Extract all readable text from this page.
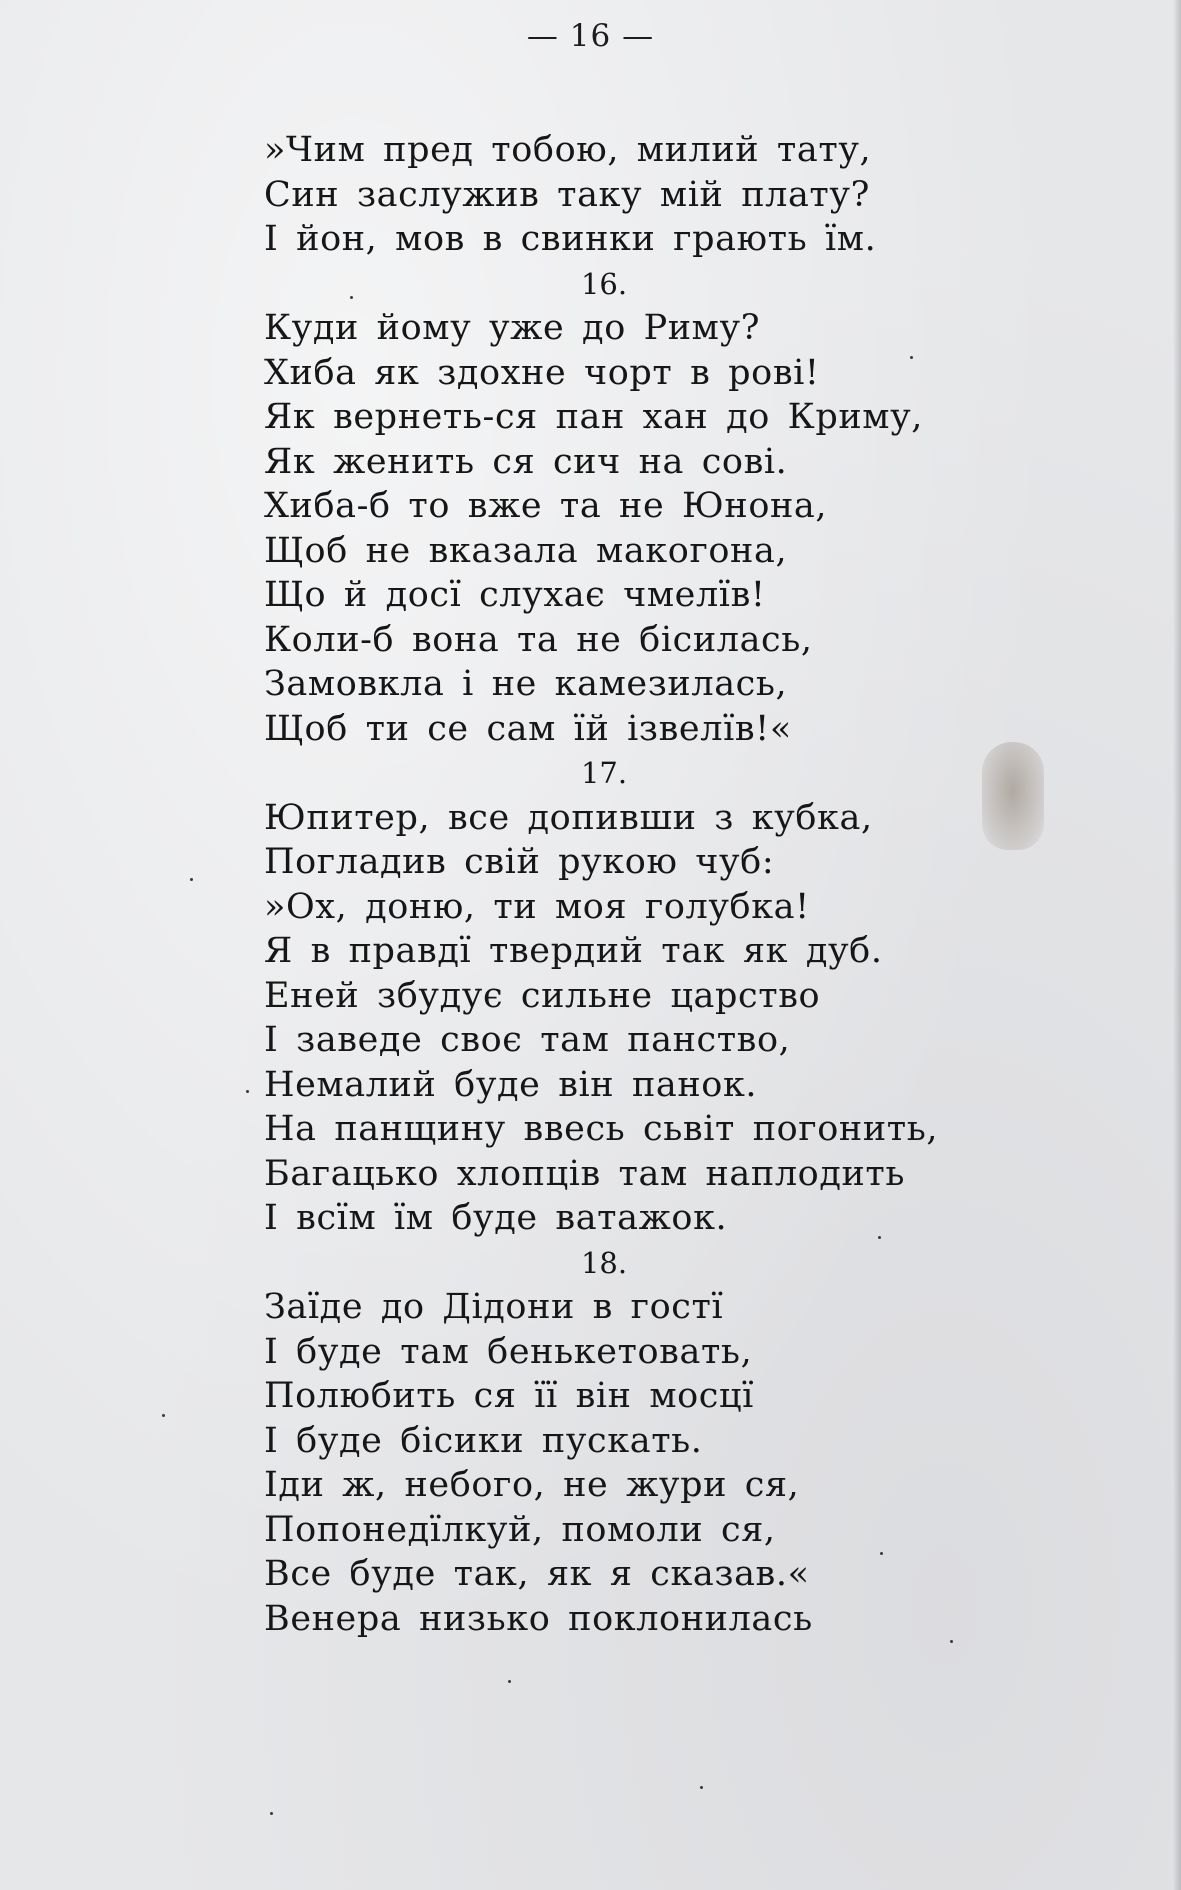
— 16 —
»Чим пред тобою, милий тату,
Син заслужив таку мій плату?
І йон, мов в свинки грають їм.
16.
Куди йому уже до Риму?
Хиба як здохне чорт в рові!
Як вернеть-ся пан хан до Криму,
Як женить ся сич на сові.
Хиба-б то вже та не Юнона,
Щоб не вказала макогона,
Що й досї слухає чмелїв!
Коли-б вона та не бісилась,
Замовкла і не камезилась,
Щоб ти се сам їй ізвелїв!«
17.
Юпитер, все допивши з кубка,
Погладив свій рукою чуб:
»Ох, доню, ти моя голубка!
Я в правдї твердий так як дуб.
Еней збудує сильне царство
І заведе своє там панство,
Немалий буде він панок.
На панщину ввесь сьвіт погонить,
Багацько хлопців там наплодить
І всїм їм буде ватажок.
18.
Заїде до Дідони в гостї
І буде там бенькетовать,
Полюбить ся її він мосцї
І буде бісики пускать.
Іди ж, небого, не жури ся,
Попонедїлкуй, помоли ся,
Все буде так, як я сказав.«
Венера низько поклонилась
